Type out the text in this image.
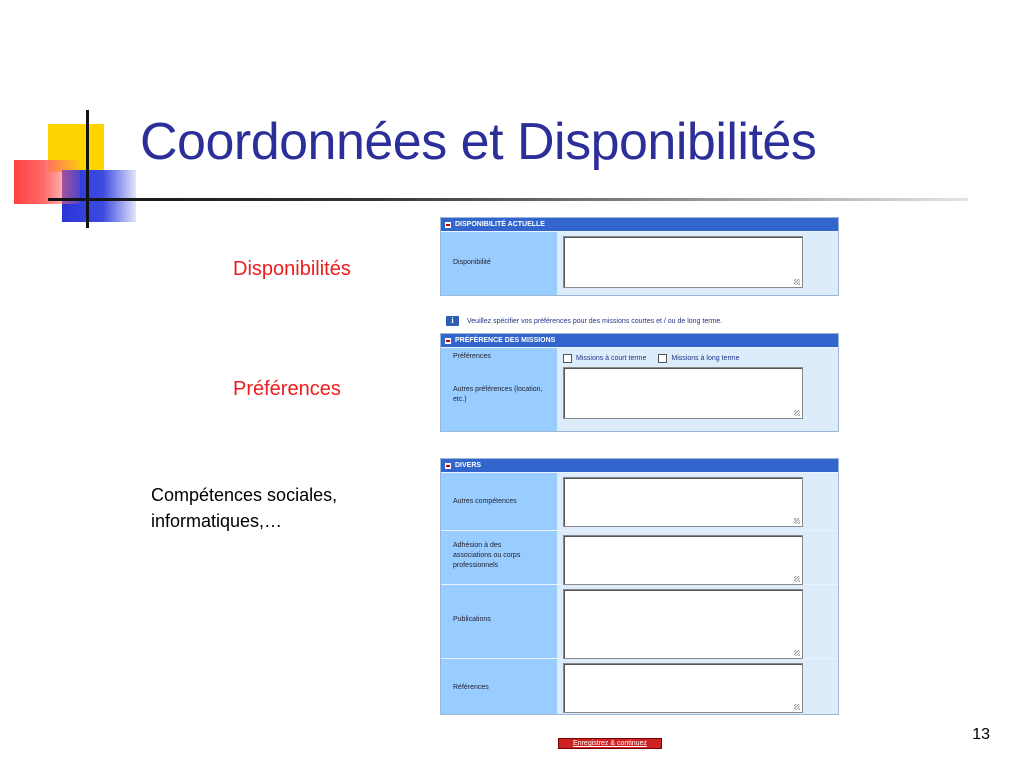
Coordonnées et Disponibilités
Disponibilités
Préférences
Compétences sociales, informatiques,…
DISPONIBILITÉ ACTUELLE
Disponibilité
i	Veuillez spécifier vos préférences pour des missions courtes et / ou de long terme.
PRÉFÉRENCE DES MISSIONS
Préférences	Missions à court terme	Missions à long terme
Autres préférences (location, etc.)
DIVERS
Autres compétences
Adhésion à des associations ou corps professionnels
Publications
Références
Enregistrez & continuez
13
